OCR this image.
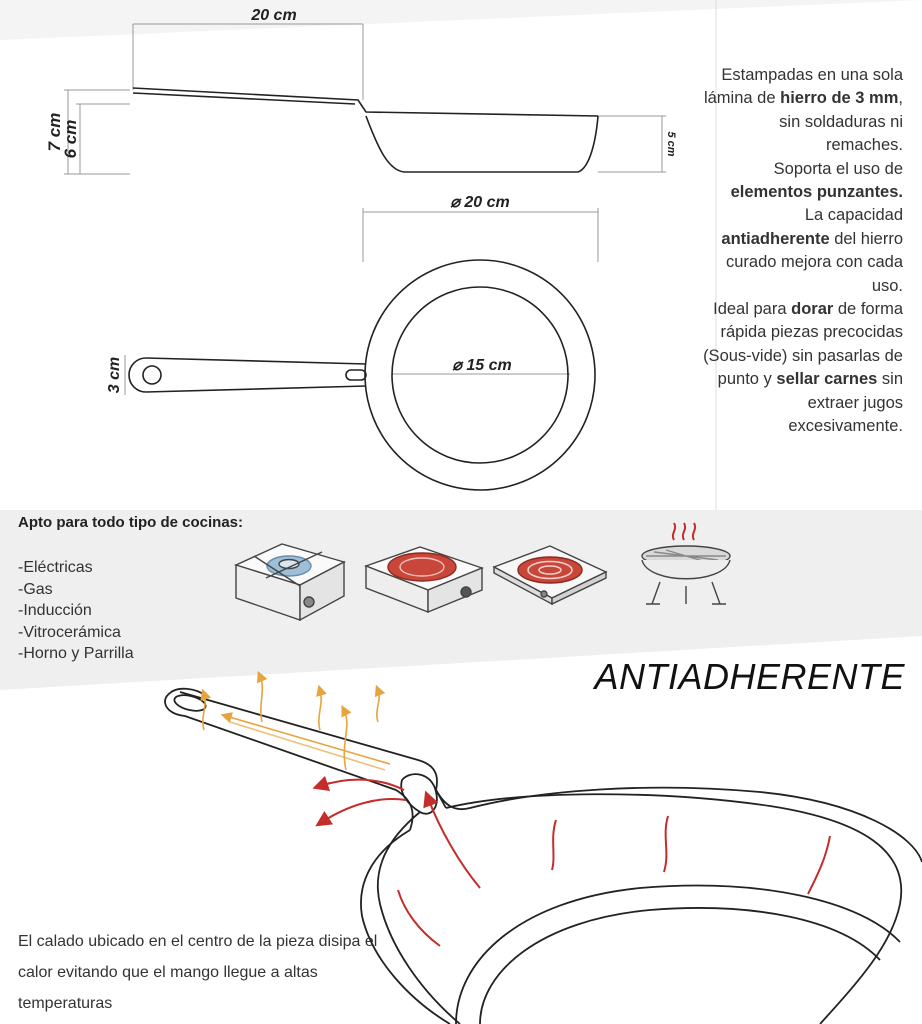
20 cm
7 cm
6 cm	5 cm
⌀ 20 cm
⌀ 15 cm
3 cm

Estampadas en una sola lámina de hierro de 3 mm, sin soldaduras ni remaches.

Soporta el uso de elementos punzantes.

La capacidad antiadherente del hierro curado mejora con cada uso.

Ideal para dorar de forma rápida piezas precocidas (Sous-vide) sin pasarlas de punto y sellar carnes sin extraer jugos excesivamente.

Apto para todo tipo de cocinas:
-Eléctricas
-Gas
-Inducción
-Vitrocerámica
-Horno y Parrilla
ANTIADHERENTE
El calado ubicado en el centro de la pieza disipa el calor evitando que el mango llegue a altas temperaturas
